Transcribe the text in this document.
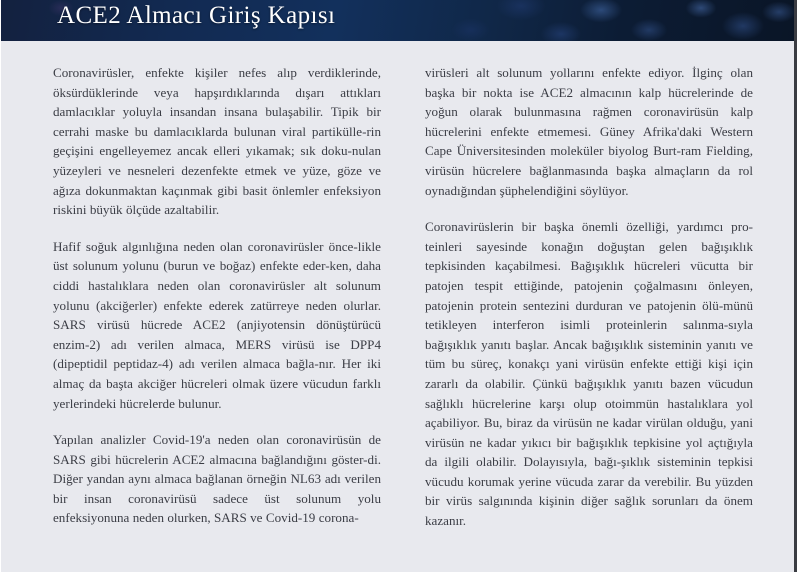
ACE2 Almacı Giriş Kapısı

Coronavirüsler, enfekte kişiler nefes alıp verdiklerinde, öksürdüklerinde veya hapşırdıklarında dışarı attıkları damlacıklar yoluyla insandan insana bulaşabilir. Tipik bir cerrahi maske bu damlacıklarda bulunan viral partikülle-rin geçişini engelleyemez ancak elleri yıkamak; sık doku-nulan yüzeyleri ve nesneleri dezenfekte etmek ve yüze, göze ve ağıza dokunmaktan kaçınmak gibi basit önlemler enfeksiyon riskini büyük ölçüde azaltabilir.

Hafif soğuk algınlığına neden olan coronavirüsler önce-likle üst solunum yolunu (burun ve boğaz) enfekte eder-ken, daha ciddi hastalıklara neden olan coronavirüsler alt solunum yolunu (akciğerler) enfekte ederek zatürreye neden olurlar. SARS virüsü hücrede ACE2 (anjiyotensin dönüştürücü enzim-2) adı verilen almaca, MERS virüsü ise DPP4 (dipeptidil peptidaz-4) adı verilen almaca bağla-nır. Her iki almaç da başta akciğer hücreleri olmak üzere vücudun farklı yerlerindeki hücrelerde bulunur.

Yapılan analizler Covid-19'a neden olan coronavirüsün de SARS gibi hücrelerin ACE2 almacına bağlandığını göster-di. Diğer yandan aynı almaca bağlanan örneğin NL63 adı verilen bir insan coronavirüsü sadece üst solunum yolu enfeksiyonuna neden olurken, SARS ve Covid-19 corona-

virüsleri alt solunum yollarını enfekte ediyor. İlginç olan başka bir nokta ise ACE2 almacının kalp hücrelerinde de yoğun olarak bulunmasına rağmen coronavirüsün kalp hücrelerini enfekte etmemesi. Güney Afrika'daki Western Cape Üniversitesinden moleküler biyolog Burt-ram Fielding, virüsün hücrelere bağlanmasında başka almaçların da rol oynadığından şüphelendiğini söylüyor.

Coronavirüslerin bir başka önemli özelliği, yardımcı pro-teinleri sayesinde konağın doğuştan gelen bağışıklık tepkisinden kaçabilmesi. Bağışıklık hücreleri vücutta bir patojen tespit ettiğinde, patojenin çoğalmasını önleyen, patojenin protein sentezini durduran ve patojenin ölü-münü tetikleyen interferon isimli proteinlerin salınma-sıyla bağışıklık yanıtı başlar. Ancak bağışıklık sisteminin yanıtı ve tüm bu süreç, konakçı yani virüsün enfekte ettiği kişi için zararlı da olabilir. Çünkü bağışıklık yanıtı bazen vücudun sağlıklı hücrelerine karşı olup otoimmün hastalıklara yol açabiliyor. Bu, biraz da virüsün ne kadar virülan olduğu, yani virüsün ne kadar yıkıcı bir bağışıklık tepkisine yol açtığıyla da ilgili olabilir. Dolayısıyla, bağı-şıklık sisteminin tepkisi vücudu korumak yerine vücuda zarar da verebilir. Bu yüzden bir virüs salgınında kişinin diğer sağlık sorunları da önem kazanır.
